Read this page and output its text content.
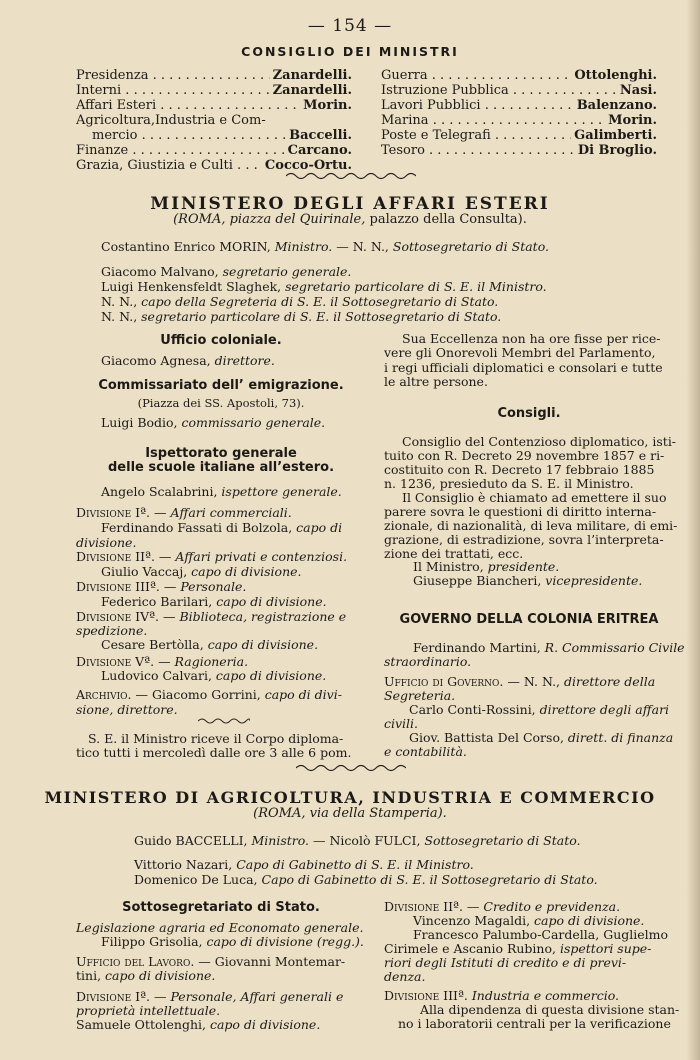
— 154 —
CONSIGLIO DEI MINISTRI
Presidenza . . .	Zanardelli.
Interni . . .	Zanardelli.
Affari Esteri . . .	Morin.
Agricoltura,Industria e Com-
mercio . . .	Baccelli.
Finanze . . .	Carcano.
Grazia, Giustizia e Culti . . .	Cocco-Ortu.
Guerra . . .	Ottolenghi.
Istruzione Pubblica . . .	Nasi.
Lavori Pubblici . . .	Balenzano.
Marina . . .	Morin.
Poste e Telegrafi . . .	Galimberti.
Tesoro . . .	Di Broglio.
MINISTERO DEGLI AFFARI ESTERI
(ROMA, piazza del Quirinale, palazzo della Consulta).
Costantino Enrico MORIN, Ministro. — N. N., Sottosegretario di Stato.
Giacomo Malvano, segretario generale.
Luigi Henkensfeldt Slaghek, segretario particolare di S. E. il Ministro.
N. N., capo della Segreteria di S. E. il Sottosegretario di Stato.
N. N., segretario particolare di S. E. il Sottosegretario di Stato.
Ufficio coloniale.
Giacomo Agnesa, direttore.
Commissariato dell’ emigrazione.
(Piazza dei SS. Apostoli, 73).
Luigi Bodio, commissario generale.
Ispettorato generale
delle scuole italiane all’estero.
Angelo Scalabrini, ispettore generale.
Divisione Iª. — Affari commerciali.
Ferdinando Fassati di Bolzola, capo di
divisione.
Divisione IIª. — Affari privati e contenziosi.
Giulio Vaccaj, capo di divisione.
Divisione IIIª. — Personale.
Federico Barilari, capo di divisione.
Divisione IVª. — Biblioteca, registrazione e
spedizione.
Cesare Bertòlla, capo di divisione.
Divisione Vª. — Ragioneria.
Ludovico Calvari, capo di divisione.
Archivio. — Giacomo Gorrini, capo di divi-
sione, direttore.
S. E. il Ministro riceve il Corpo diploma-
tico tutti i mercoledì dalle ore 3 alle 6 pom.
Sua Eccellenza non ha ore fisse per rice-
vere gli Onorevoli Membri del Parlamento,
i regi ufficiali diplomatici e consolari e tutte
le altre persone.
Consigli.
Consiglio del Contenzioso diplomatico, isti-
tuito con R. Decreto 29 novembre 1857 e ri-
costituito con R. Decreto 17 febbraio 1885
n. 1236, presieduto da S. E. il Ministro.
Il Consiglio è chiamato ad emettere il suo
parere sovra le questioni di diritto interna-
zionale, di nazionalità, di leva militare, di emi-
grazione, di estradizione, sovra l’interpreta-
zione dei trattati, ecc.
Il Ministro, presidente.
Giuseppe Biancheri, vicepresidente.
GOVERNO DELLA COLONIA ERITREA
Ferdinando Martini, R. Commissario Civile
straordinario.
Ufficio di Governo. — N. N., direttore della
Segreteria.
Carlo Conti-Rossini, direttore degli affari
civili.
Giov. Battista Del Corso, dirett. di finanza
e contabilità.
MINISTERO DI AGRICOLTURA, INDUSTRIA E COMMERCIO
(ROMA, via della Stamperia).
Guido BACCELLI, Ministro. — Nicolò FULCI, Sottosegretario di Stato.
Vittorio Nazari, Capo di Gabinetto di S. E. il Ministro.
Domenico De Luca, Capo di Gabinetto di S. E. il Sottosegretario di Stato.
Sottosegretariato di Stato.
Legislazione agraria ed Economato generale.
Filippo Grisolia, capo di divisione (regg.).
Ufficio del Lavoro. — Giovanni Montemar-
tini, capo di divisione.
Divisione Iª. — Personale, Affari generali e
proprietà intellettuale.
Samuele Ottolenghi, capo di divisione.
Divisione IIª. — Credito e previdenza.
Vincenzo Magaldi, capo di divisione.
Francesco Palumbo-Cardella, Guglielmo
Cirimele e Ascanio Rubino, ispettori supe-
riori degli Istituti di credito e di previ-
denza.
Divisione IIIª. Industria e commercio.
Alla dipendenza di questa divisione stan-
no i laboratorii centrali per la verificazione
